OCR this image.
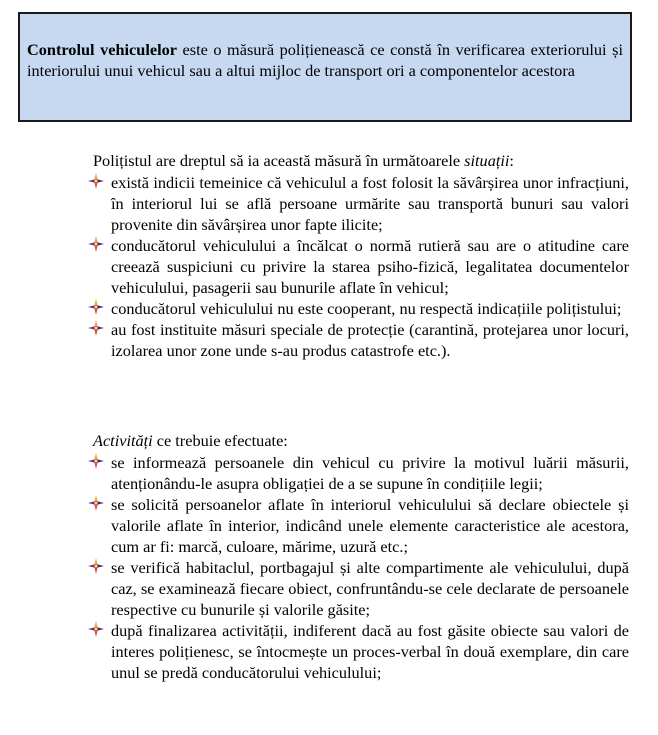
Controlul vehiculelor este o măsură polițienească ce constă în verificarea exteriorului și interiorului unui vehicul sau a altui mijloc de transport ori a componentelor acestora

Polițistul are dreptul să ia această măsură în următoarele situații:

există indicii temeinice că vehiculul a fost folosit la săvârșirea unor infracțiuni, în interiorul lui se află persoane urmărite sau transportă bunuri sau valori provenite din săvârșirea unor fapte ilicite;
conducătorul vehiculului a încălcat o normă rutieră sau are o atitudine care creează suspiciuni cu privire la starea psiho-fizică, legalitatea documentelor vehiculului, pasagerii sau bunurile aflate în vehicul;
conducătorul vehiculului nu este cooperant, nu respectă indicațiile polițistului;
au fost instituite măsuri speciale de protecție (carantină, protejarea unor locuri, izolarea unor zone unde s-au produs catastrofe etc.).

Activități ce trebuie efectuate:

se informează persoanele din vehicul cu privire la motivul luării măsurii, atenționându-le asupra obligației de a se supune în condițiile legii;
se solicită persoanelor aflate în interiorul vehiculului să declare obiectele și valorile aflate în interior, indicând unele elemente caracteristice ale acestora, cum ar fi: marcă, culoare, mărime, uzură etc.;
se verifică habitaclul, portbagajul și alte compartimente ale vehiculului, după caz, se examinează fiecare obiect, confruntându-se cele declarate de persoanele respective cu bunurile și valorile găsite;
după finalizarea activității, indiferent dacă au fost găsite obiecte sau valori de interes polițienesc, se întocmește un proces-verbal în două exemplare, din care unul se predă conducătorului vehiculului;
